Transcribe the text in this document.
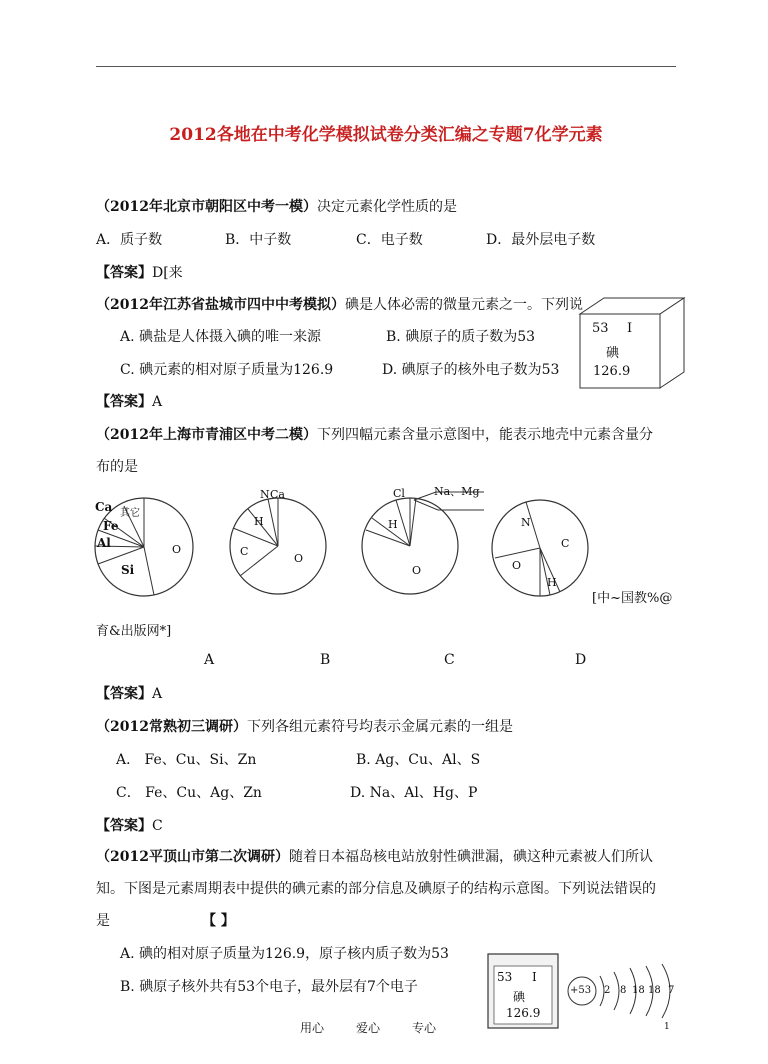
2012各地在中考化学模拟试卷分类汇编之专题7化学元素
（2012年北京市朝阳区中考一模）决定元素化学性质的是
A．质子数	B．中子数	C．电子数	D．最外层电子数
【答案】D[来
（2012年江苏省盐城市四中中考模拟）碘是人体必需的微量元素之一。下列说
A. 碘盐是人体摄入碘的唯一来源	B. 碘原子的质子数为53
C. 碘元素的相对原子质量为126.9	D. 碘原子的核外电子数为53
53 I
碘
126.9
【答案】A
（2012年上海市青浦区中考二模）下列四幅元素含量示意图中，能表示地壳中元素含量分
布的是
Ca 其它
Fe
Al
Si
O
N Ca
H
C
O
Cl	Na、Mg
H
O
N
C
O
H
[中~国教%@
育&出版网*]
A	B	C	D
【答案】A
（2012常熟初三调研）下列各组元素符号均表示金属元素的一组是
A． Fe、Cu、Si、Zn	B. Ag、Cu、Al、S
C． Fe、Cu、Ag、Zn	D. Na、Al、Hg、P
【答案】C
（2012平顶山市第二次调研）随着日本福岛核电站放射性碘泄漏，碘这种元素被人们所认
知。下图是元素周期表中提供的碘元素的部分信息及碘原子的结构示意图。下列说法错误的
是	【 】
A. 碘的相对原子质量为126.9，原子核内质子数为53
B. 碘原子核外共有53个电子，最外层有7个电子
53 I
碘
126.9
+53 2 8 18 18 7
用心	爱心	专心	1
